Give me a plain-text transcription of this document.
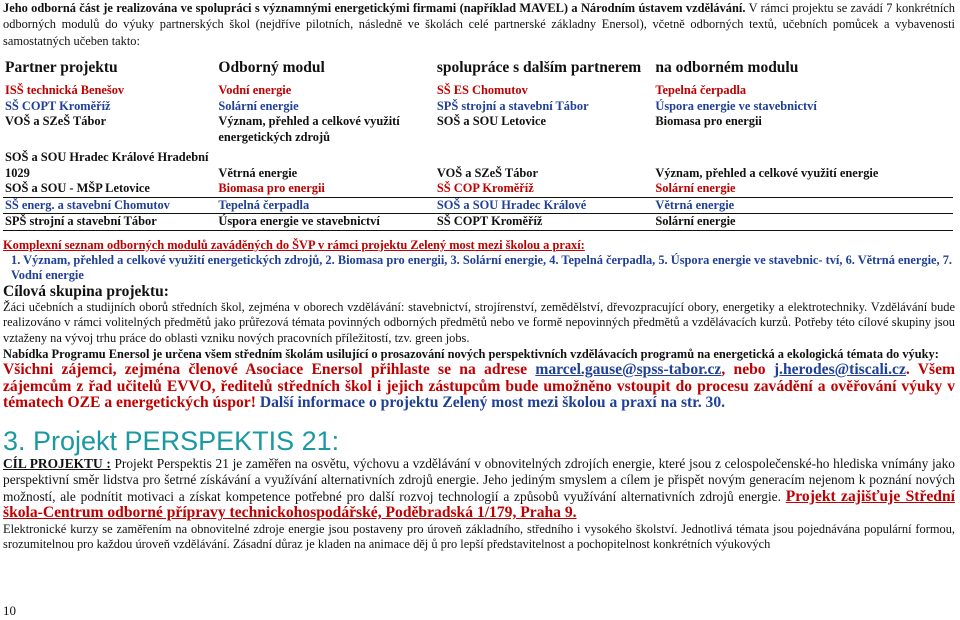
Jeho odborná část je realizována ve spolupráci s významnými energetickými firmami (například MAVEL) a Národním ústavem vzdělávání. V rámci projektu se zavádí 7 konkrétních odborných modulů do výuky partnerských škol (nejdříve pilotních, následně ve školách celé partnerské základny Enersol), včetně odborných textů, učebních pomůcek a vybavenosti samostatných učeben takto:

Partner projektu	Odborný modul	spolupráce s dalším partnerem	na odborném modulu
ISŠ technická Benešov	Vodní energie	SŠ ES Chomutov	Tepelná čerpadla
SŠ COPT Kroměříž	Solární energie	SPŠ strojní a stavební Tábor	Úspora energie ve stavebnictví
VOŠ a SZeŠ Tábor	Význam, přehled a celkové využití energetických zdrojů	SOŠ a SOU Letovice	Biomasa pro energii
SOŠ a SOU Hradec Králové Hradební 1029	Větrná energie	VOŠ a SZeŠ Tábor	Význam, přehled a celkové využití energie
SOŠ a SOU - MŠP Letovice	Biomasa pro energii	SŠ COP Kroměříž	Solární energie
SŠ energ. a stavební Chomutov	Tepelná čerpadla	SOŠ a SOU Hradec Králové	Větrná energie
SPŠ strojní a stavební Tábor	Úspora energie ve stavebnictví	SŠ COPT Kroměříž	Solární energie
Komplexní seznam odborných modulů zaváděných do ŠVP v rámci projektu Zelený most mezi školou a praxí:
1. Význam, přehled a celkové využití energetických zdrojů, 2. Biomasa pro energii, 3. Solární energie, 4. Tepelná čerpadla, 5. Úspora energie ve stavebnic- tví, 6. Větrná energie, 7. Vodní energie
Cílová skupina projektu:

Žáci učebních a studijních oborů středních škol, zejména v oborech vzdělávání: stavebnictví, strojírenství, zemědělství, dřevozpracující obory, energetiky a elektrotechniky. Vzdělávání bude realizováno v rámci volitelných předmětů jako průřezová témata povinných odborných předmětů nebo ve formě nepovinných předmětů a vzdělávacích kurzů. Potřeby této cílové skupiny jsou vztaženy na vývoj trhu práce do oblasti vzniku nových pracovních příležitostí, tzv. green jobs.

Nabídka Programu Enersol je určena všem středním školám usilující o prosazování nových perspektivních vzdělávacích programů na energetická a ekologická témata do výuky:

Všichni zájemci, zejména členové Asociace Enersol přihlaste se na adrese marcel.gause@spss-tabor.cz, nebo j.herodes@tiscali.cz. Všem zájemcům z řad učitelů EVVO, ředitelů středních škol i jejich zástupcům bude umožněno vstoupit do procesu zavádění a ověřování výuky v tématech OZE a energetických úspor! Další informace o projektu Zelený most mezi školou a praxí na str. 30.

3. Projekt PERSPEKTIS 21:

CÍL PROJEKTU : Projekt Perspektis 21 je zaměřen na osvětu, výchovu a vzdělávání v obnovitelných zdrojích energie, které jsou z celospolečenské-ho hlediska vnímány jako perspektivní směr lidstva pro šetrné získávání a využívání alternativních zdrojů energie. Jeho jediným smyslem a cílem je přispět novým generacím nejenom k poznání nových možností, ale podnítit motivaci a získat kompetence potřebné pro další rozvoj technologií a způsobů využívání alternativních zdrojů energie. Projekt zajišťuje Střední škola-Centrum odborné přípravy technickohospodářské, Poděbradská 1/179, Praha 9.

Elektronické kurzy se zaměřením na obnovitelné zdroje energie jsou postaveny pro úroveň základního, středního i vysokého školství. Jednotlivá témata jsou pojednávána populární formou, srozumitelnou pro každou úroveň vzdělávání. Zásadní důraz je kladen na animace děj ů pro lepší představitelnost a pochopitelnost konkrétních výukových

10
